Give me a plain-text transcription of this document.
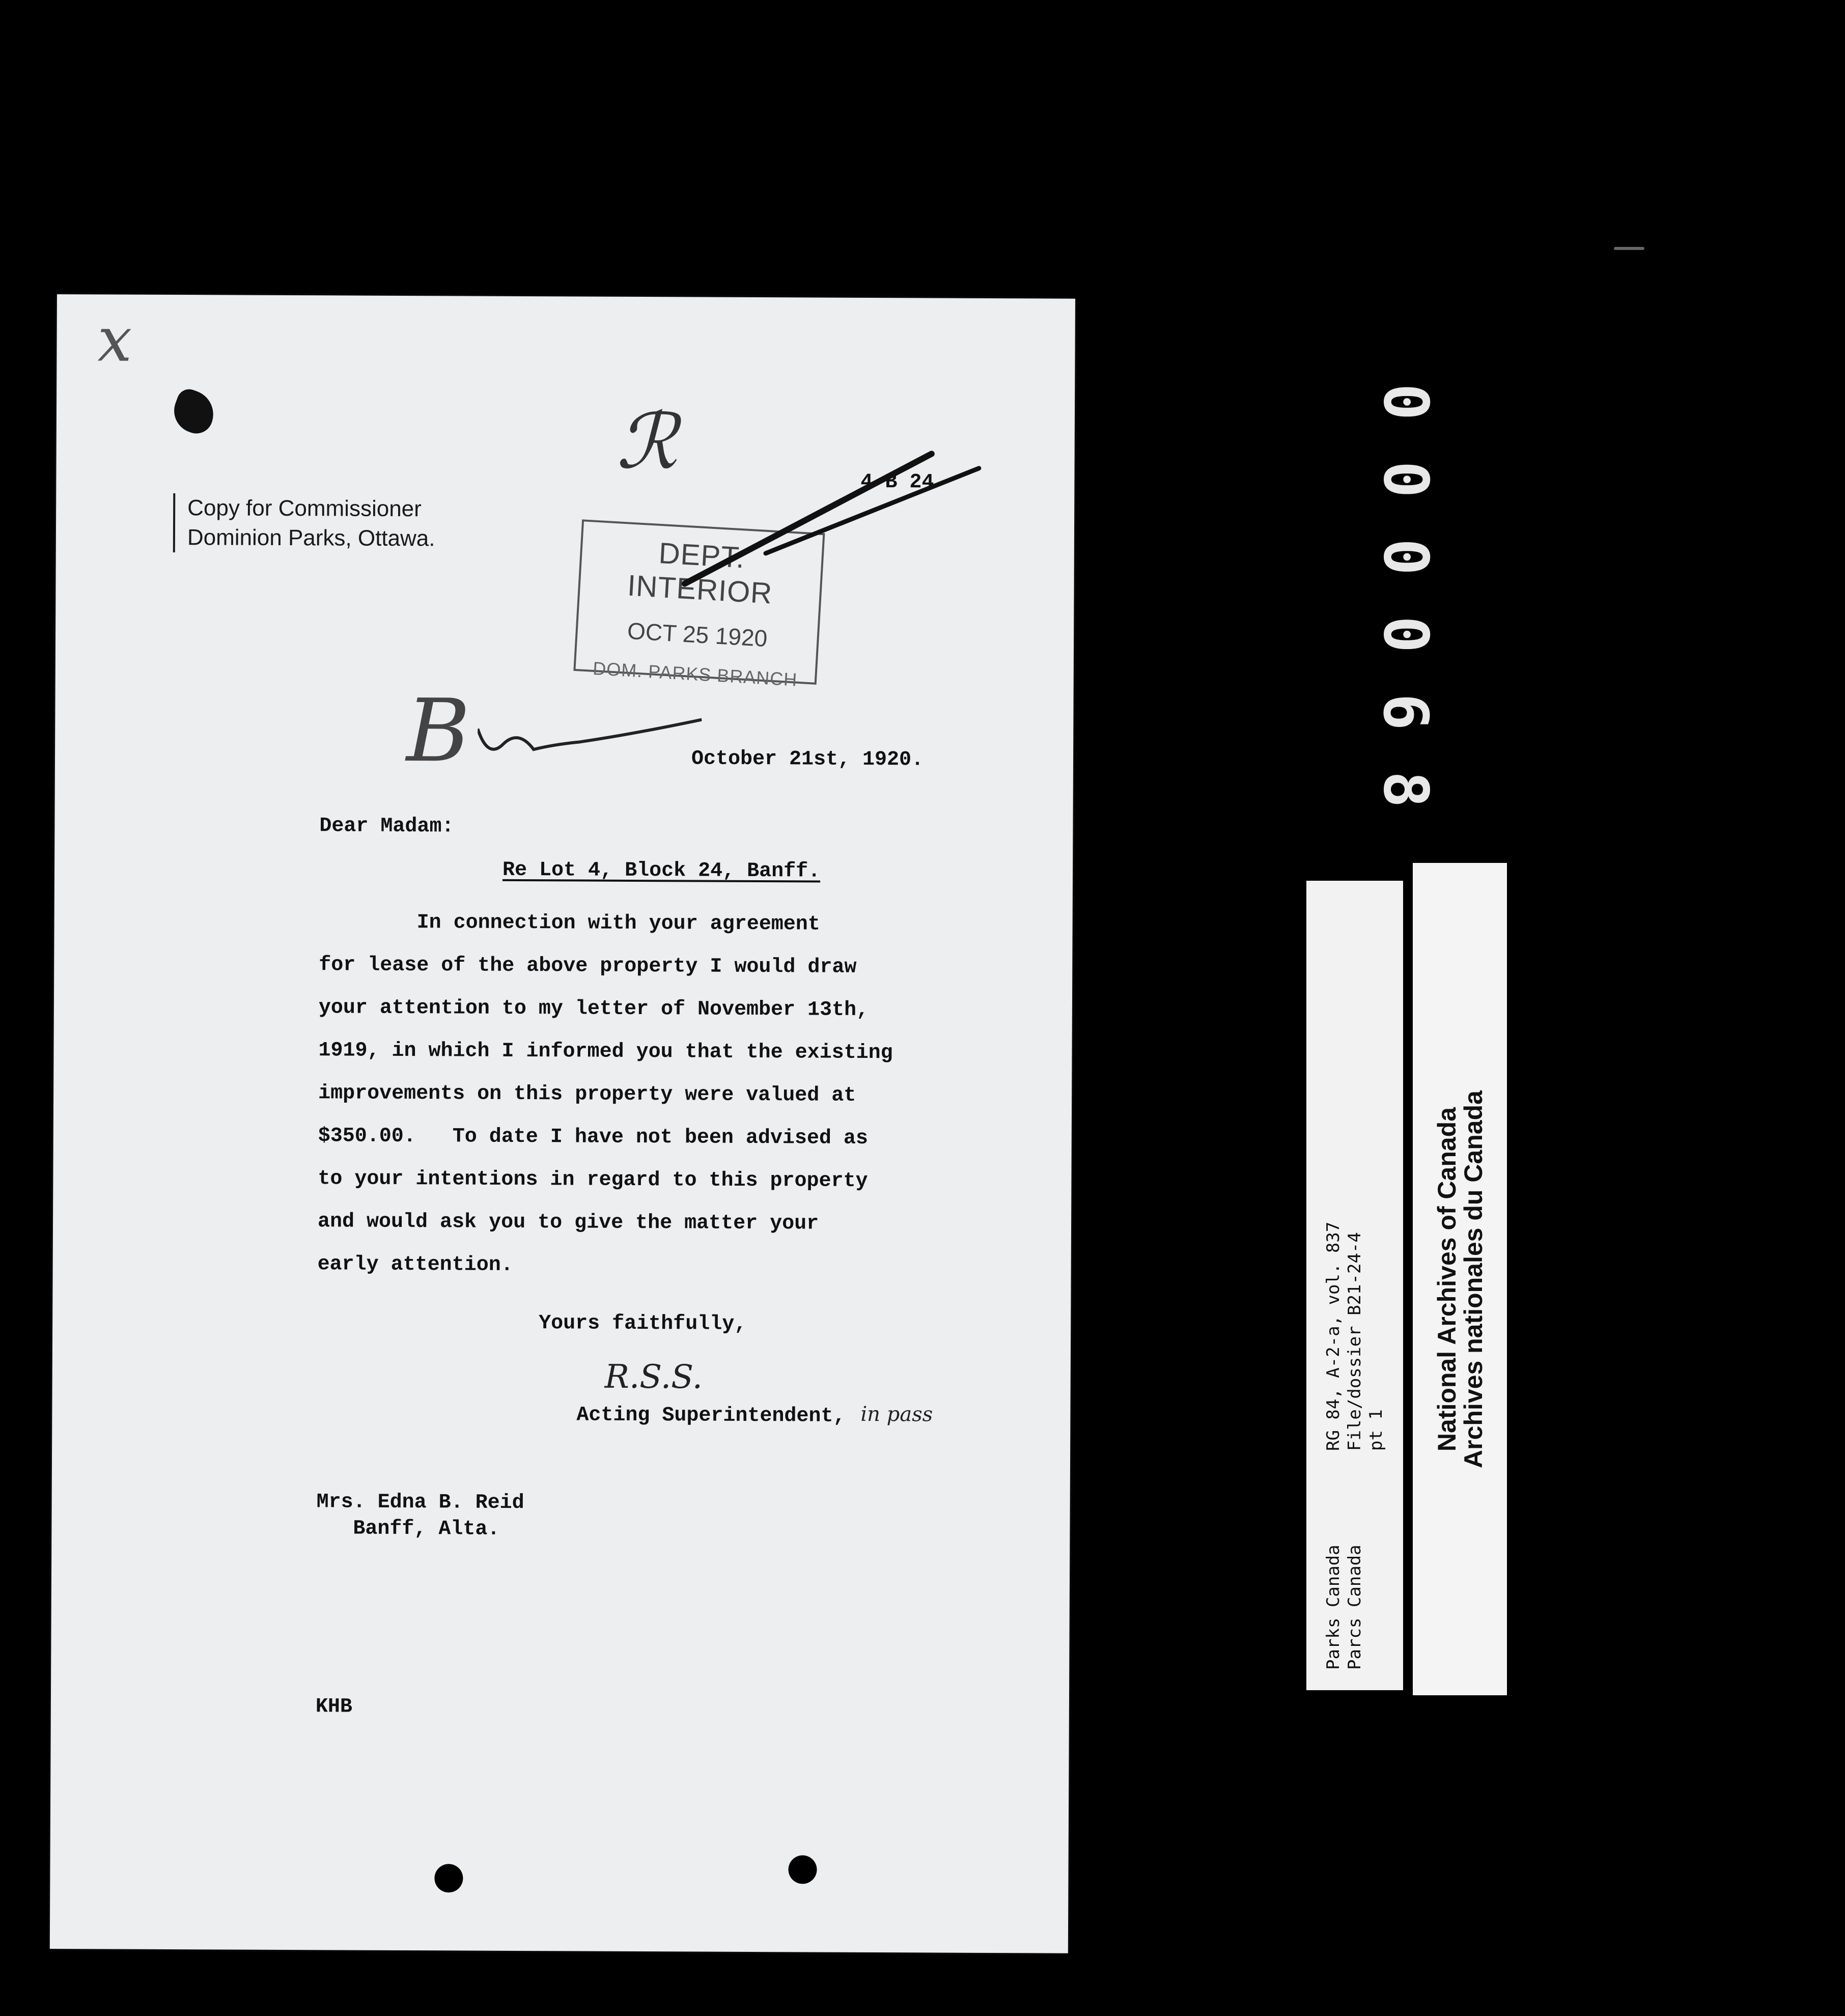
x
Copy for Commissioner
Dominion Parks, Ottawa.
ℛ	4 B 24
DEPT. INTERIOR
OCT 25 1920
DOM. PARKS BRANCH
B	October 21st, 1920.
Dear Madam:
Re Lot 4, Block 24, Banff.
In connection with your agreement
for lease of the above property I would draw
your attention to my letter of November 13th,
1919, in which I informed you that the existing
improvements on this property were valued at
$350.00.   To date I have not been advised as
to your intentions in regard to this property
and would ask you to give the matter your
early attention.
Yours faithfully,
R.S.S.
Acting Superintendent, in pass
Mrs. Edna B. Reid
Banff, Alta.
KHB
000068
Parks Canada
RG 84, A-2-a, vol. 837
Parcs Canada
File/dossier B21-24-4 pt 1 National Archives of Canada
Archives nationales du Canada
